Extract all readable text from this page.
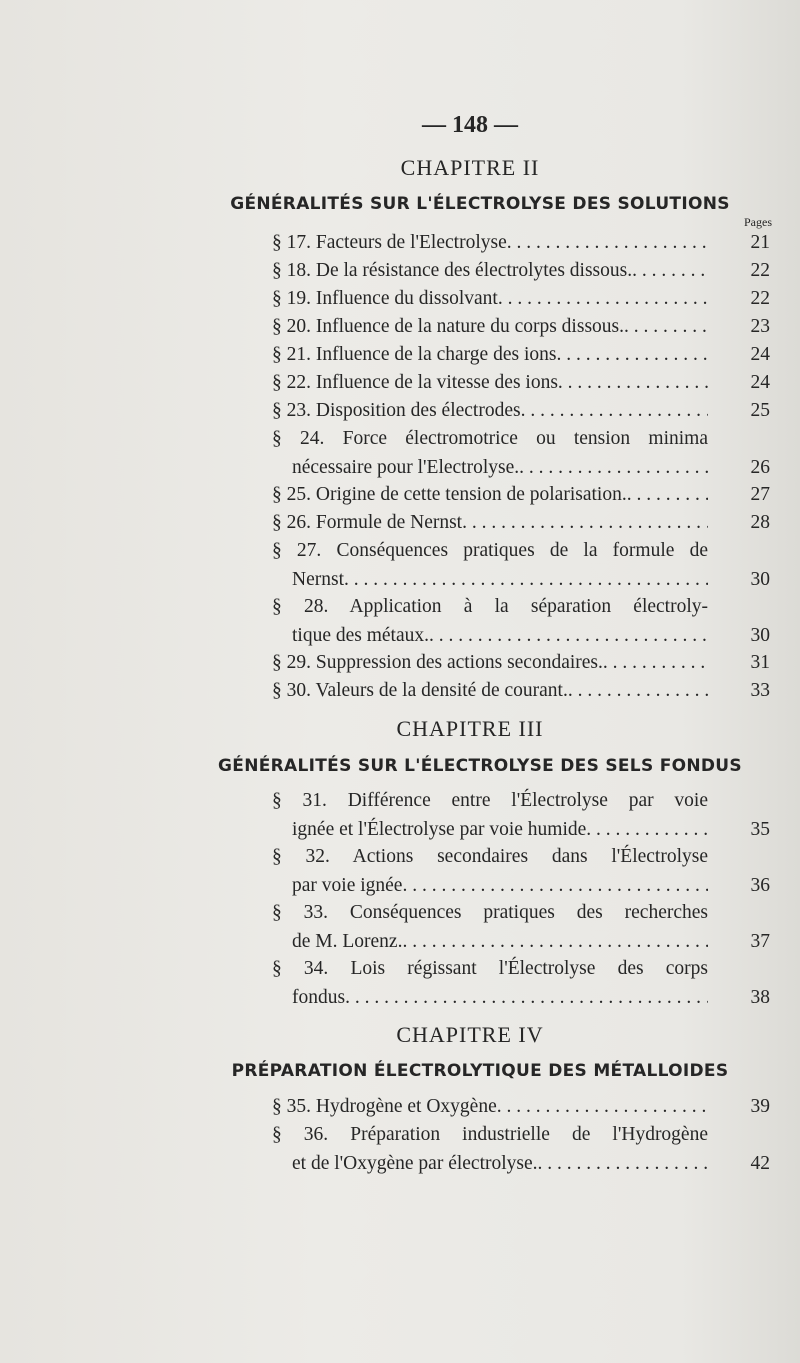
— 148 —
Pages
CHAPITRE II
GÉNÉRALITÉS SUR L'ÉLECTROLYSE DES SOLUTIONS
CHAPITRE III
GÉNÉRALITÉS SUR L'ÉLECTROLYSE DES SELS FONDUS
CHAPITRE IV
PRÉPARATION ÉLECTROLYTIQUE DES MÉTALLOIDES
§ 17. Facteurs de l'Electrolyse . . .	21
§ 18. De la résistance des électrolytes dissous. . . .	22
§ 19. Influence du dissolvant . . .	22
§ 20. Influence de la nature du corps dissous. . . .	23
§ 21. Influence de la charge des ions . . .	24
§ 22. Influence de la vitesse des ions . . .	24
§ 23. Disposition des électrodes . . .	25
§ 24. Force électromotrice ou tension minima
nécessaire pour l'Electrolyse. . . .	26
§ 25. Origine de cette tension de polarisation. . . .	27
§ 26. Formule de Nernst . . .	28
§ 27. Conséquences pratiques de la formule de
Nernst . . .	30
§ 28. Application à la séparation électroly-
tique des métaux. . . .	30
§ 29. Suppression des actions secondaires. . . .	31
§ 30. Valeurs de la densité de courant. . . .	33
§ 31. Différence entre l'Électrolyse par voie
ignée et l'Électrolyse par voie humide . . .	35
§ 32. Actions secondaires dans l'Électrolyse
par voie ignée . . .	36
§ 33. Conséquences pratiques des recherches
de M. Lorenz. . . .	37
§ 34. Lois régissant l'Électrolyse des corps
fondus . . .	38
§ 35. Hydrogène et Oxygène . . .	39
§ 36. Préparation industrielle de l'Hydrogène
et de l'Oxygène par électrolyse. . . .	42
